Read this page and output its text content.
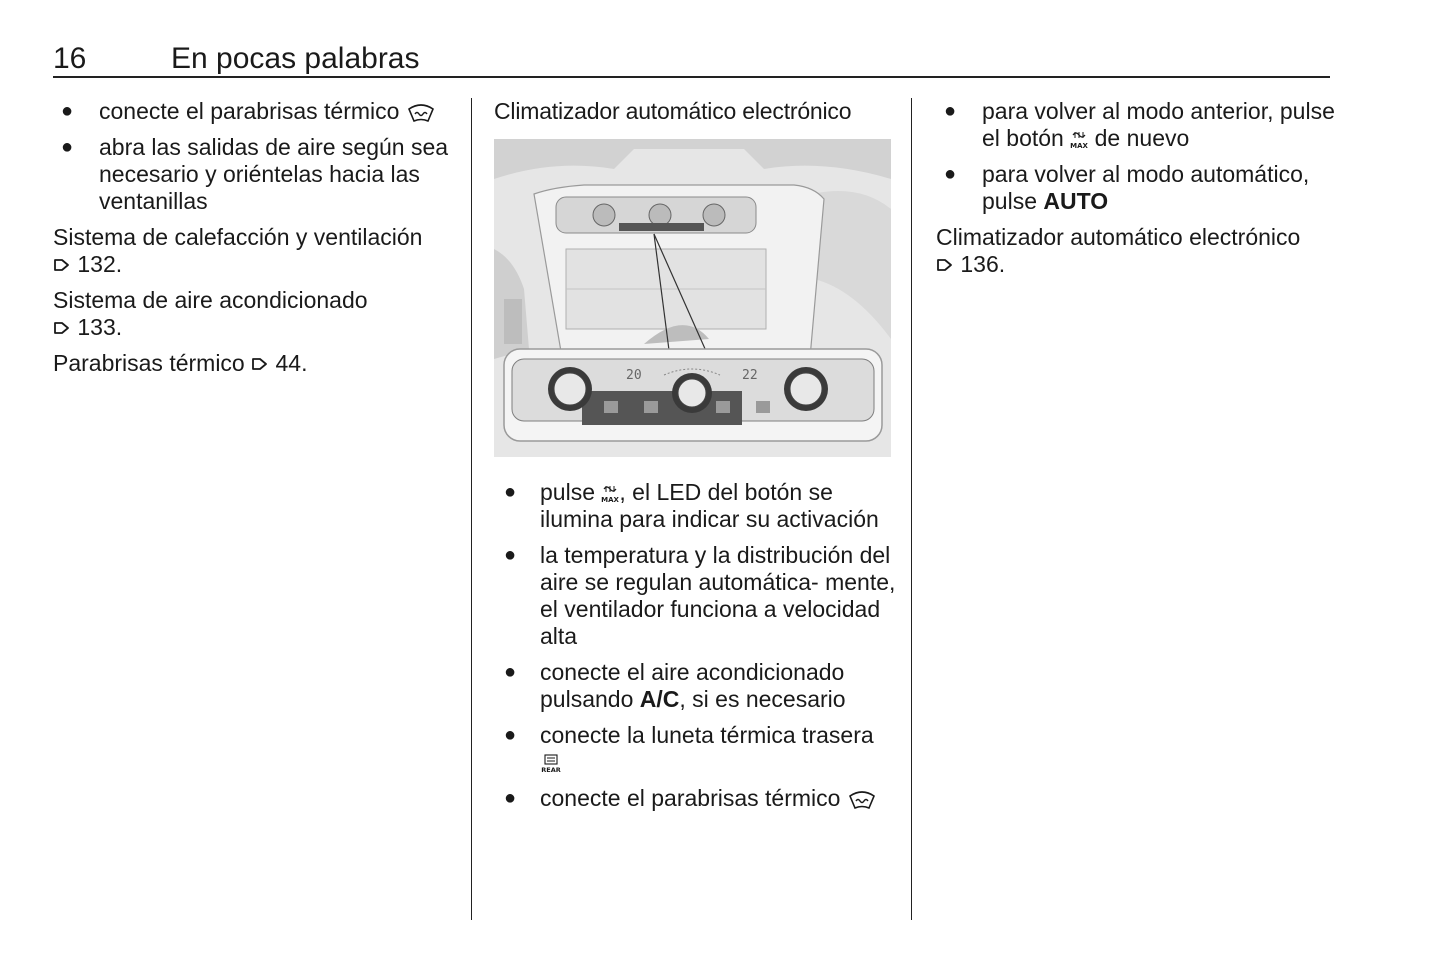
16	En pocas palabras
● conecte el parabrisas térmico
● abra las salidas de aire según sea necesario y oriéntelas hacia las ventanillas

Sistema de calefacción y ventilación
132.

Sistema de aire acondicionado
133.

Parabrisas térmico 44.

Climatizador automático electrónico
20	22
● pulse MAX , el LED del botón se ilumina para indicar su activación
● la temperatura y la distribución del aire se regulan automática- mente, el ventilador funciona a velocidad alta
● conecte el aire acondicionado pulsando A/C, si es necesario
● conecte la luneta térmica trasera

REAR
● conecte el parabrisas térmico
● para volver al modo anterior, pulse el botón MAX de nuevo
● para volver al modo automático, pulse AUTO

Climatizador automático electrónico
136.
